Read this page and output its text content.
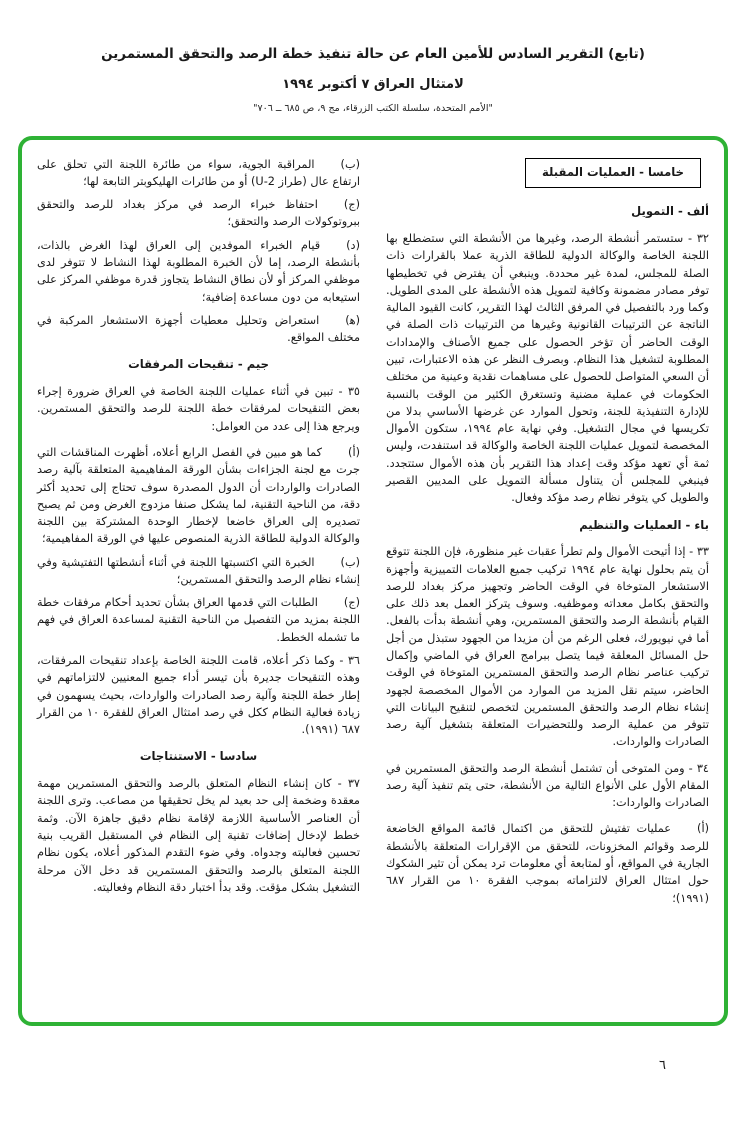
(تابع) التقرير السادس للأمين العام عن حالة تنفيذ خطة الرصد والتحقق المستمرين
لامتثال العراق ٧ أكتوبر ١٩٩٤
"الأمم المتحدة، سلسلة الكتب الزرقاء، مج ٩، ص ٦٨٥ ــ ٧٠٦"
خامسا - العمليات المقبلة
ألف - التمويل
٣٢ - ستستمر أنشطة الرصد، وغيرها من الأنشطة التي ستضطلع بها اللجنة الخاصة والوكالة الدولية للطاقة الذرية عملا بالقرارات ذات الصلة للمجلس، لمدة غير محددة. وينبغي أن يفترض في تخطيطها توفر مصادر مضمونة وكافية لتمويل هذه الأنشطة على المدى الطويل. وكما ورد بالتفصيل في المرفق الثالث لهذا التقرير، كانت القيود المالية الناتجة عن الترتيبات القانونية وغيرها من الترتيبات ذات الصلة في الوقت الحاضر أن تؤخر الحصول على جميع الأصناف والإمدادات المطلوبة لتشغيل هذا النظام. وبصرف النظر عن هذه الاعتبارات، تبين أن السعي المتواصل للحصول على مساهمات نقدية وعينية من مختلف الحكومات في عملية مضنية وتستغرق الكثير من الوقت بالنسبة للإدارة التنفيذية للجنة، وتحول الموارد عن غرضها الأساسي بدلا من تكريسها في مجال التشغيل. وفي نهاية عام ١٩٩٤، ستكون الأموال المخصصة لتمويل عمليات اللجنة الخاصة والوكالة قد استنفدت، وليس ثمة أي تعهد مؤكد وقت إعداد هذا التقرير بأن هذه الأموال ستتجدد. فينبغي للمجلس أن يتناول مسألة التمويل على المديين القصير والطويل كي يتوفر نظام رصد مؤكد وفعال.
باء - العمليات والتنظيم
٣٣ - إذا أتيحت الأموال ولم تطرأ عقبات غير منظورة، فإن اللجنة تتوقع أن يتم بحلول نهاية عام ١٩٩٤ تركيب جميع العلامات التمييزية وأجهزة الاستشعار المتوخاة في الوقت الحاضر وتجهيز مركز بغداد للرصد والتحقق بكامل معداته وموظفيه. وسوف يتركز العمل بعد ذلك على القيام بأنشطة الرصد والتحقق المستمرين، وهي أنشطة بدأت بالفعل. أما في نيويورك، فعلى الرغم من أن مزيدا من الجهود ستبذل من أجل حل المسائل المعلقة فيما يتصل ببرامج العراق في الماضي وإكمال تركيب عناصر نظام الرصد والتحقق المستمرين المتوخاة في الوقت الحاضر، سيتم نقل المزيد من الموارد من الأموال المخصصة لجهود إنشاء نظام الرصد والتحقق المستمرين لتخصص لتنقيح البيانات التي تتوفر من عملية الرصد وللتحضيرات المتعلقة بتشغيل آلية رصد الصادرات والواردات.
٣٤ - ومن المتوخى أن تشتمل أنشطة الرصد والتحقق المستمرين في المقام الأول على الأنواع التالية من الأنشطة، حتى يتم تنفيذ آلية رصد الصادرات والواردات:
(أ)عمليات تفتيش للتحقق من اكتمال قائمة المواقع الخاضعة للرصد وقوائم المخزونات، للتحقق من الإقرارات المتعلقة بالأنشطة الجارية في المواقع، أو لمتابعة أي معلومات ترد يمكن أن تثير الشكوك حول امتثال العراق لالتزاماته بموجب الفقرة ١٠ من القرار ٦٨٧ (١٩٩١)؛
(ب)المراقبة الجوية، سواء من طائرة اللجنة التي تحلق على ارتفاع عال (طراز U-2) أو من طائرات الهليكوبتر التابعة لها؛
(ج)احتفاظ خبراء الرصد في مركز بغداد للرصد والتحقق ببروتوكولات الرصد والتحقق؛
(د)قيام الخبراء الموفدين إلى العراق لهذا الغرض بالذات، بأنشطة الرصد، إما لأن الخبرة المطلوبة لهذا النشاط لا تتوفر لدى موظفي المركز أو لأن نطاق النشاط يتجاوز قدرة موظفي المركز على استيعابه من دون مساعدة إضافية؛
(ﻫ)استعراض وتحليل معطيات أجهزة الاستشعار المركبة في مختلف المواقع.
جيم - تنقيحات المرفقات
٣٥ - تبين في أثناء عمليات اللجنة الخاصة في العراق ضرورة إجراء بعض التنقيحات لمرفقات خطة اللجنة للرصد والتحقق المستمرين. ويرجع هذا إلى عدد من العوامل:
(أ)كما هو مبين في الفصل الرابع أعلاه، أظهرت المناقشات التي جرت مع لجنة الجزاءات بشأن الورقة المفاهيمية المتعلقة بآلية رصد الصادرات والواردات أن الدول المصدرة سوف تحتاج إلى تحديد أكثر دقة، من الناحية التقنية، لما يشكل صنفا مزدوج الغرض ومن ثم يصبح تصديره إلى العراق خاضعا لإخطار الوحدة المشتركة بين اللجنة والوكالة الدولية للطاقة الذرية المنصوص عليها في الورقة المفاهيمية؛
(ب)الخبرة التي اكتسبتها اللجنة في أثناء أنشطتها التفتيشية وفي إنشاء نظام الرصد والتحقق المستمرين؛
(ج)الطلبات التي قدمها العراق بشأن تحديد أحكام مرفقات خطة اللجنة بمزيد من التفصيل من الناحية التقنية لمساعدة العراق في فهم ما تشمله الخطط.
٣٦ - وكما ذكر أعلاه، قامت اللجنة الخاصة بإعداد تنقيحات المرفقات، وهذه التنقيحات جديرة بأن تيسر أداء جميع المعنيين لالتزاماتهم في إطار خطة اللجنة وآلية رصد الصادرات والواردات، بحيث يسهمون في زيادة فعالية النظام ككل في رصد امتثال العراق للفقرة ١٠ من القرار ٦٨٧ (١٩٩١).
سادسا - الاستنتاجات
٣٧ - كان إنشاء النظام المتعلق بالرصد والتحقق المستمرين مهمة معقدة وضخمة إلى حد بعيد لم يخل تحقيقها من مصاعب. وترى اللجنة أن العناصر الأساسية اللازمة لإقامة نظام دقيق جاهزة الآن. وثمة خطط لإدخال إضافات تقنية إلى النظام في المستقبل القريب بنية تحسين فعاليته وجدواه. وفي ضوء التقدم المذكور أعلاه، يكون نظام اللجنة المتعلق بالرصد والتحقق المستمرين قد دخل الآن مرحلة التشغيل بشكل مؤقت. وقد بدأ اختبار دقة النظام وفعاليته.
٦
